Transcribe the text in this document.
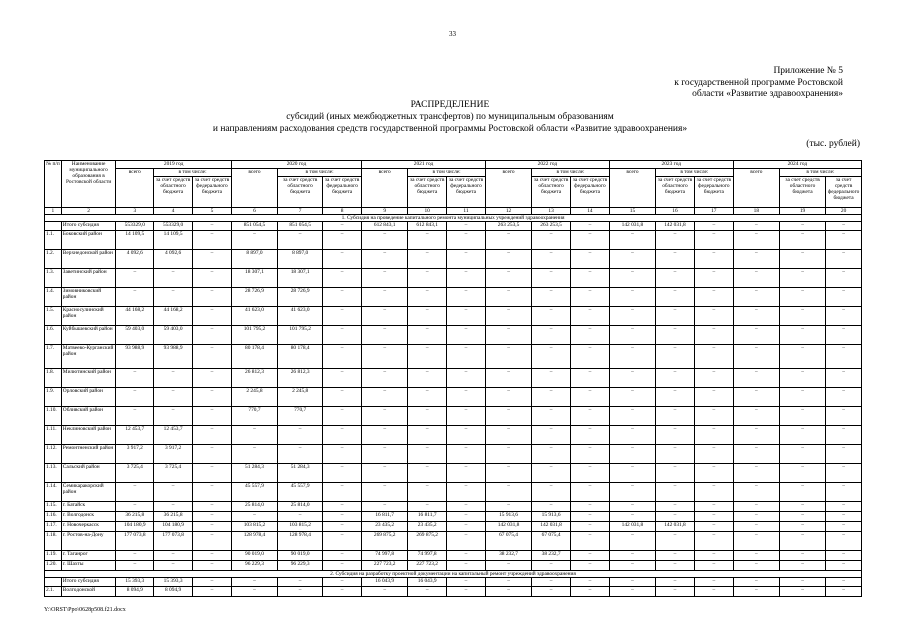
33
Приложение № 5
к государственной программе Ростовской
области «Развитие здравоохранения»
РАСПРЕДЕЛЕНИЕ
субсидий (иных межбюджетных трансфертов) по муниципальным образованиям
и направлениям расходования средств государственной программы Ростовской области «Развитие здравоохранения»
(тыс. рублей)
№ п/п	Наименование муниципального образования в Ростовской области	2019 год			2020 год			2021 год			2022 год			2023 год			2024 год		
		всего	в том числе:		всего	в том числе:		всего	в том числе:		всего	в том числе:		всего	в том числе:		всего	в том числе:	
			за счет средств областного бюджета	за счет средств федерального бюджета		за счет средств областного бюджета	за счет средств федерального бюджета		за счет средств областного бюджета	за счет средств федерального бюджета		за счет средств областного бюджета	за счет средств федерального бюджета		за счет средств областного бюджета	за счет средств федерального бюджета		за счет средств областного бюджета	за счет средств федерального бюджета
1	2	3	4	5	6	7	8	9	10	11	12	13	14	15	16	17	18	19	20
1. Субсидия на проведение капитального ремонта муниципальных учреждений здравоохранения																			
	Итого субсидия	553329,0	553329,0	–	851 054,5	851 054,5	–	612 843,1	612 843,1	–	263 253,5	263 253,5	–	142 031,8	142 031,8	–	–	–	–
1.1.	Боковский район	14 109,5	14 109,5	–	–	–	–	–	–	–	–	–	–	–	–	–	–	–	–
1.2.	Верхнедонской район	4 092,6	4 092,6	–	8 897,0	8 897,0	–	–	–	–	–	–	–	–	–	–	–	–	–
1.3.	Заветинский район	–	–	–	18 307,1	18 307,1	–	–	–	–	–	–	–	–	–	–	–	–	–
1.4.	Зимовниковский район	–	–	–	28 726,9	28 726,9	–	–	–	–	–	–	–	–	–	–	–	–	–
1.5.	Красносулинский район	44 168,2	44 168,2	–	41 623,0	41 623,0	–	–	–	–	–	–	–	–	–	–	–	–	–
1.6.	Куйбышевский район	59 403,0	59 403,0	–	101 795,2	101 795,2	–	–	–	–	–	–	–	–	–	–	–	–	–
1.7.	Матвеево-Курганский район	93 988,9	93 988,9	–	80 178,4	80 178,4	–	–	–	–	–	–	–	–	–	–	–	–	–
1.8.	Милютинский район	–	–	–	26 812,3	26 812,3	–	–	–	–	–	–	–	–	–	–	–	–	–
1.9.	Орловский район	–	–	–	2 245,8	2 245,8	–	–	–	–	–	–	–	–	–	–	–	–	–
1.10.	Обливский район	–	–	–	770,7	770,7	–	–	–	–	–	–	–	–	–	–	–	–	–
1.11.	Неклиновский район	12 453,7	12 453,7	–	–	–	–	–	–	–	–	–	–	–	–	–	–	–	–
1.12.	Ремонтненский район	3 917,2	3 917,2	–	–	–	–	–	–	–	–	–	–	–	–	–	–	–	–
1.13.	Сальский район	3 725,4	3 725,4	–	51 284,3	51 284,3	–	–	–	–	–	–	–	–	–	–	–	–	–
1.14.	Семикаракорский район	–	–	–	45 557,9	45 557,9	–	–	–	–	–	–	–	–	–	–	–	–	–
1.15.	г. Батайск	–	–	–	25 814,0	25 814,0	–	–	–	–	–	–	–	–	–	–	–	–	–
1.16.	г. Волгодонск	36 215,8	36 215,8	–	–	–	–	16 811,7	16 811,7	–	15 913,6	15 913,6	–	–	–	–	–	–	–
1.17.	г. Новочеркасск	104 180,9	104 180,9	–	103 815,2	103 815,2	–	23 435,2	23 435,2	–	142 031,8	142 031,8	–	142 031,8	142 031,8	–	–	–	–
1.18.	г. Ростов-на-Дону	177 073,8	177 073,8	–	128 978,4	128 978,4	–	269 875,2	269 875,2	–	67 075,4	67 075,4	–	–	–	–	–	–	–
1.19.	г. Таганрог	–	–	–	90 019,0	90 019,0	–	74 997,8	74 997,8	–	38 232,7	38 232,7	–	–	–	–	–	–	–
1.20.	г. Шахты	–	–	–	96 229,3	96 229,3	–	227 723,2	227 723,2	–	–	–	–	–	–	–	–	–	–
2. Субсидия на разработку проектной документации на капитальный ремонт учреждений здравоохранения																			
	Итого субсидия	15 393,3	15 393,3	–	–	–	–	16 043,9	16 043,9	–	–	–	–	–	–	–	–	–	–
2.1.	Волгодонской	8 094,9	8 094,9	–	–	–	–	–	–	–	–	–	–	–	–	–	–	–	–
Y:\ORST\Ppo\0628p508.f21.docx
